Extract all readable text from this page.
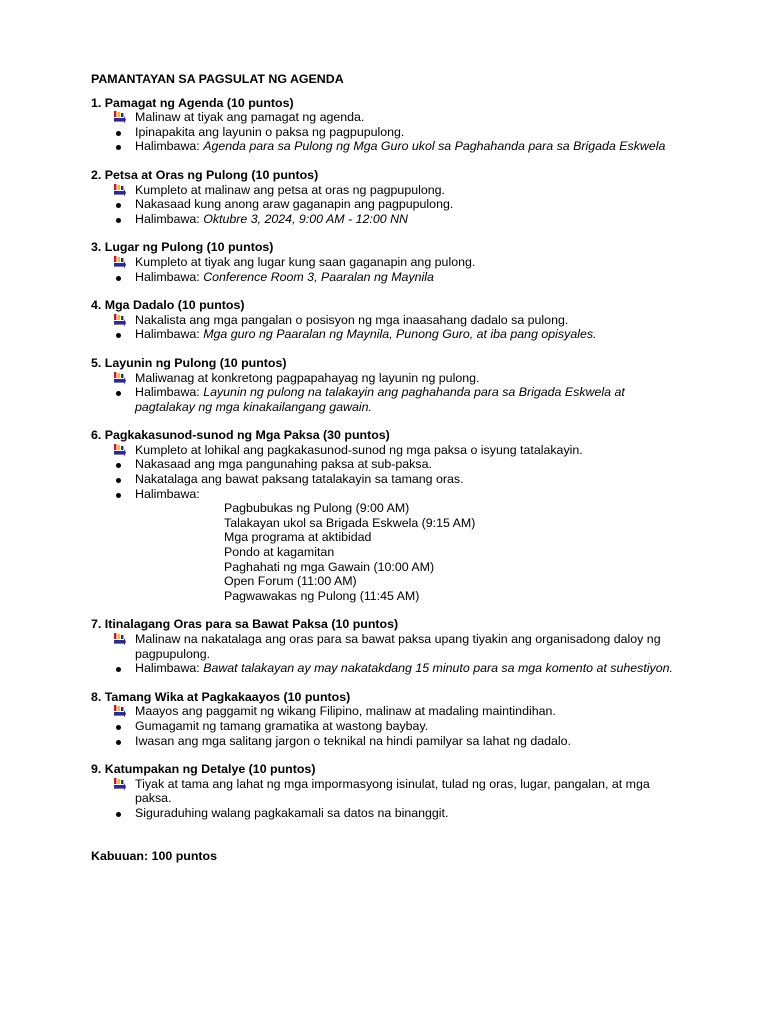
PAMANTAYAN SA PAGSULAT NG AGENDA
1. Pamagat ng Agenda (10 puntos)
Malinaw at tiyak ang pamagat ng agenda.
Ipinapakita ang layunin o paksa ng pagpupulong.
Halimbawa: Agenda para sa Pulong ng Mga Guro ukol sa Paghahanda para sa Brigada Eskwela
2. Petsa at Oras ng Pulong (10 puntos)
Kumpleto at malinaw ang petsa at oras ng pagpupulong.
Nakasaad kung anong araw gaganapin ang pagpupulong.
Halimbawa: Oktubre 3, 2024, 9:00 AM - 12:00 NN
3. Lugar ng Pulong (10 puntos)
Kumpleto at tiyak ang lugar kung saan gaganapin ang pulong.
Halimbawa: Conference Room 3, Paaralan ng Maynila
4. Mga Dadalo (10 puntos)
Nakalista ang mga pangalan o posisyon ng mga inaasahang dadalo sa pulong.
Halimbawa: Mga guro ng Paaralan ng Maynila, Punong Guro, at iba pang opisyales.
5. Layunin ng Pulong (10 puntos)
Maliwanag at konkretong pagpapahayag ng layunin ng pulong.
Halimbawa: Layunin ng pulong na talakayin ang paghahanda para sa Brigada Eskwela at pagtalakay ng mga kinakailangang gawain.
6. Pagkakasunod-sunod ng Mga Paksa (30 puntos)
Kumpleto at lohikal ang pagkakasunod-sunod ng mga paksa o isyung tatalakayin.
Nakasaad ang mga pangunahing paksa at sub-paksa.
Nakatalaga ang bawat paksang tatalakayin sa tamang oras.
Halimbawa:
Pagbubukas ng Pulong (9:00 AM)
Talakayan ukol sa Brigada Eskwela (9:15 AM)
Mga programa at aktibidad
Pondo at kagamitan
Paghahati ng mga Gawain (10:00 AM)
Open Forum (11:00 AM)
Pagwawakas ng Pulong (11:45 AM)
7. Itinalagang Oras para sa Bawat Paksa (10 puntos)
Malinaw na nakatalaga ang oras para sa bawat paksa upang tiyakin ang organisadong daloy ng pagpupulong.
Halimbawa: Bawat talakayan ay may nakatakdang 15 minuto para sa mga komento at suhestiyon.
8. Tamang Wika at Pagkakaayos (10 puntos)
Maayos ang paggamit ng wikang Filipino, malinaw at madaling maintindihan.
Gumagamit ng tamang gramatika at wastong baybay.
Iwasan ang mga salitang jargon o teknikal na hindi pamilyar sa lahat ng dadalo.
9. Katumpakan ng Detalye (10 puntos)
Tiyak at tama ang lahat ng mga impormasyong isinulat, tulad ng oras, lugar, pangalan, at mga paksa.
Siguraduhing walang pagkakamali sa datos na binanggit.
Kabuuan: 100 puntos
